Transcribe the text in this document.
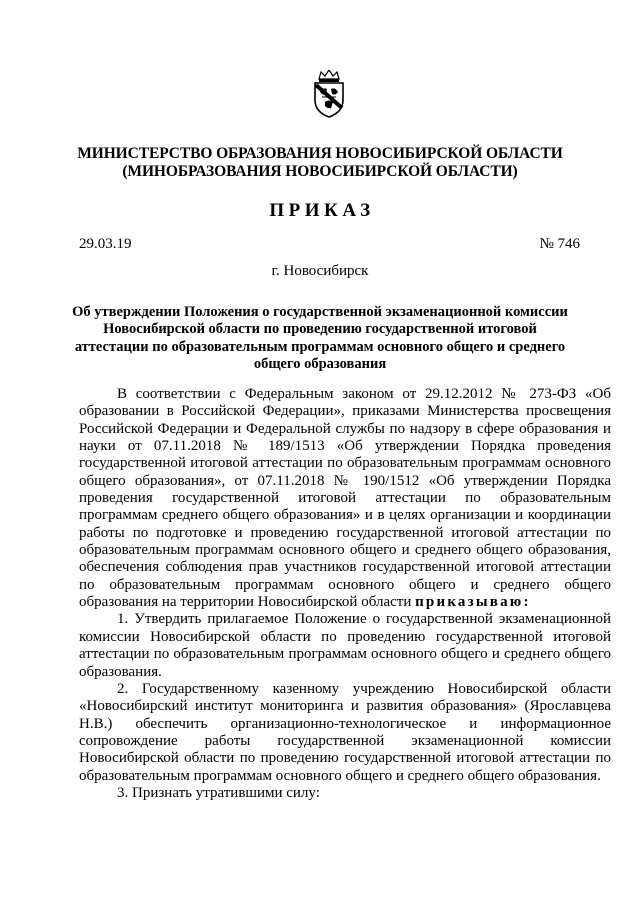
МИНИСТЕРСТВО ОБРАЗОВАНИЯ НОВОСИБИРСКОЙ ОБЛАСТИ
(МИНОБРАЗОВАНИЯ НОВОСИБИРСКОЙ ОБЛАСТИ)
ПРИКАЗ
29.03.19	№ 746
г. Новосибирск
Об утверждении Положения о государственной экзаменационной комиссии
Новосибирской области по проведению государственной итоговой
аттестации по образовательным программам основного общего и среднего
общего образования

В соответствии с Федеральным законом от 29.12.2012 № 273-ФЗ «Об образовании в Российской Федерации», приказами Министерства просвещения Российской Федерации и Федеральной службы по надзору в сфере образования и науки от 07.11.2018 № 189/1513 «Об утверждении Порядка проведения государственной итоговой аттестации по образовательным программам основного общего образования», от 07.11.2018 № 190/1512 «Об утверждении Порядка проведения государственной итоговой аттестации по образовательным программам среднего общего образования» и в целях организации и координации работы по подготовке и проведению государственной итоговой аттестации по образовательным программам основного общего и среднего общего образования, обеспечения соблюдения прав участников государственной итоговой аттестации по образовательным программам основного общего и среднего общего образования на территории Новосибирской области приказываю:

1. Утвердить прилагаемое Положение о государственной экзаменационной комиссии Новосибирской области по проведению государственной итоговой аттестации по образовательным программам основного общего и среднего общего образования.

2. Государственному казенному учреждению Новосибирской области «Новосибирский институт мониторинга и развития образования» (Ярославцева Н.В.) обеспечить организационно-технологическое и информационное сопровождение работы государственной экзаменационной комиссии Новосибирской области по проведению государственной итоговой аттестации по образовательным программам основного общего и среднего общего образования.

3. Признать утратившими силу:
